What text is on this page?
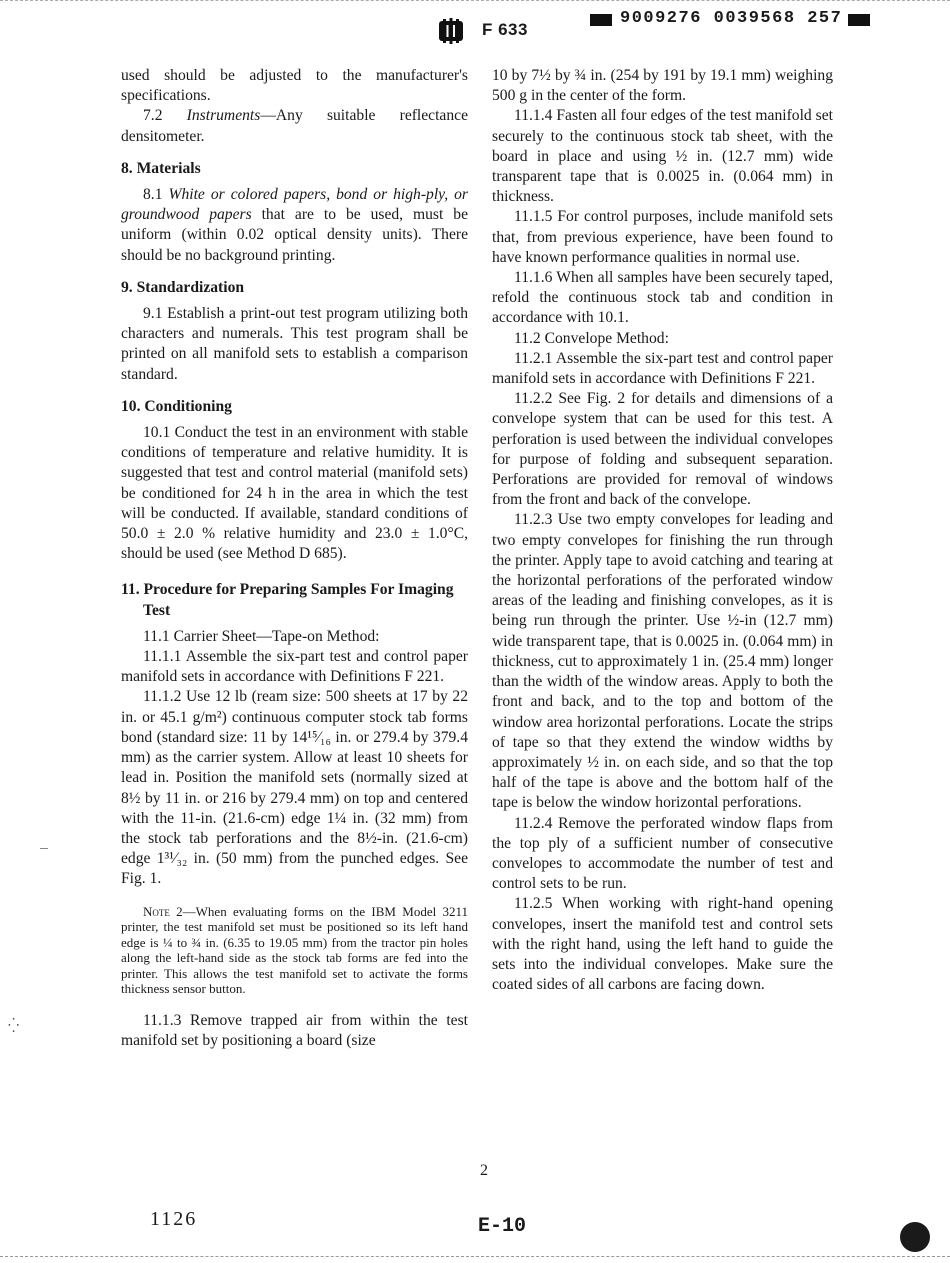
F 633
9009276 0039568 257

used should be adjusted to the manufacturer's specifications.

7.2 Instruments—Any suitable reflectance densitometer.

8. Materials

8.1 White or colored papers, bond or high-ply, or groundwood papers that are to be used, must be uniform (within 0.02 optical density units). There should be no background printing.

9. Standardization

9.1 Establish a print-out test program utilizing both characters and numerals. This test program shall be printed on all manifold sets to establish a comparison standard.

10. Conditioning

10.1 Conduct the test in an environment with stable conditions of temperature and relative humidity. It is suggested that test and control material (manifold sets) be conditioned for 24 h in the area in which the test will be conducted. If available, standard conditions of 50.0 ± 2.0 % relative humidity and 23.0 ± 1.0°C, should be used (see Method D 685).

11. Procedure for Preparing Samples For Imaging Test

11.1 Carrier Sheet—Tape-on Method:

11.1.1 Assemble the six-part test and control paper manifold sets in accordance with Definitions F 221.

11.1.2 Use 12 lb (ream size: 500 sheets at 17 by 22 in. or 45.1 g/m²) continuous computer stock tab forms bond (standard size: 11 by 14¹⁵⁄₁₆ in. or 279.4 by 379.4 mm) as the carrier system. Allow at least 10 sheets for lead in. Position the manifold sets (normally sized at 8½ by 11 in. or 216 by 279.4 mm) on top and centered with the 11-in. (21.6-cm) edge 1¼ in. (32 mm) from the stock tab perforations and the 8½-in. (21.6-cm) edge 1³¹⁄₃₂ in. (50 mm) from the punched edges. See Fig. 1.

Note 2—When evaluating forms on the IBM Model 3211 printer, the test manifold set must be positioned so its left hand edge is ¼ to ¾ in. (6.35 to 19.05 mm) from the tractor pin holes along the left-hand side as the stock tab forms are fed into the printer. This allows the test manifold set to activate the forms thickness sensor button.

11.1.3 Remove trapped air from within the test manifold set by positioning a board (size

10 by 7½ by ¾ in. (254 by 191 by 19.1 mm) weighing 500 g in the center of the form.

11.1.4 Fasten all four edges of the test manifold set securely to the continuous stock tab sheet, with the board in place and using ½ in. (12.7 mm) wide transparent tape that is 0.0025 in. (0.064 mm) in thickness.

11.1.5 For control purposes, include manifold sets that, from previous experience, have been found to have known performance qualities in normal use.

11.1.6 When all samples have been securely taped, refold the continuous stock tab and condition in accordance with 10.1.

11.2 Convelope Method:

11.2.1 Assemble the six-part test and control paper manifold sets in accordance with Definitions F 221.

11.2.2 See Fig. 2 for details and dimensions of a convelope system that can be used for this test. A perforation is used between the individual convelopes for purpose of folding and subsequent separation. Perforations are provided for removal of windows from the front and back of the convelope.

11.2.3 Use two empty convelopes for leading and two empty convelopes for finishing the run through the printer. Apply tape to avoid catching and tearing at the horizontal perforations of the perforated window areas of the leading and finishing convelopes, as it is being run through the printer. Use ½-in (12.7 mm) wide transparent tape, that is 0.0025 in. (0.064 mm) in thickness, cut to approximately 1 in. (25.4 mm) longer than the width of the window areas. Apply to both the front and back, and to the top and bottom of the window area horizontal perforations. Locate the strips of tape so that they extend the window widths by approximately ½ in. on each side, and so that the top half of the tape is above and the bottom half of the tape is below the window horizontal perforations.

11.2.4 Remove the perforated window flaps from the top ply of a sufficient number of consecutive convelopes to accommodate the number of test and control sets to be run.

11.2.5 When working with right-hand opening convelopes, insert the manifold test and control sets with the right hand, using the left hand to guide the sets into the individual convelopes. Make sure the coated sides of all carbons are facing down.

2
1126	E-10
⁛
